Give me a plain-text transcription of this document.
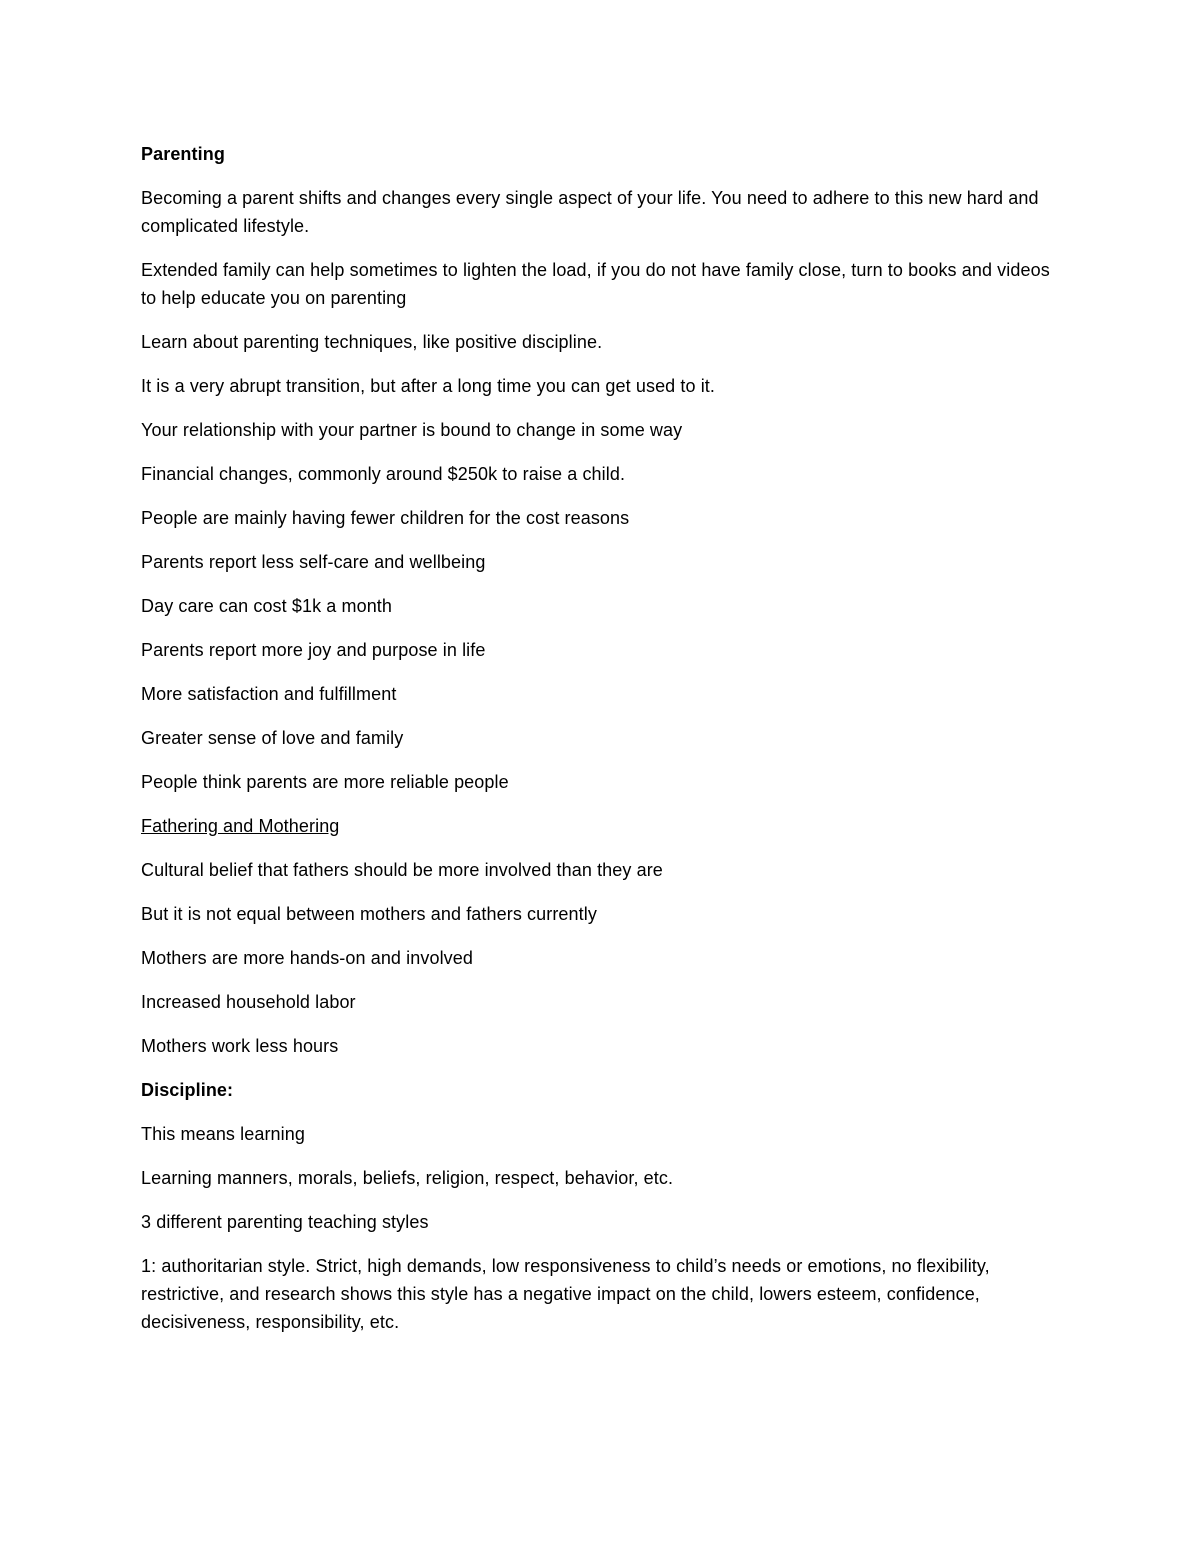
Parenting

Becoming a parent shifts and changes every single aspect of your life. You need to adhere to this new hard and complicated lifestyle.

Extended family can help sometimes to lighten the load, if you do not have family close, turn to books and videos to help educate you on parenting

Learn about parenting techniques, like positive discipline.

It is a very abrupt transition, but after a long time you can get used to it.

Your relationship with your partner is bound to change in some way

Financial changes, commonly around $250k to raise a child.

People are mainly having fewer children for the cost reasons

Parents report less self-care and wellbeing

Day care can cost $1k a month

Parents report more joy and purpose in life

More satisfaction and fulfillment

Greater sense of love and family

People think parents are more reliable people

Fathering and Mothering

Cultural belief that fathers should be more involved than they are

But it is not equal between mothers and fathers currently

Mothers are more hands-on and involved

Increased household labor

Mothers work less hours

Discipline:

This means learning

Learning manners, morals, beliefs, religion, respect, behavior, etc.

3 different parenting teaching styles

1: authoritarian style. Strict, high demands, low responsiveness to child’s needs or emotions, no flexibility, restrictive, and research shows this style has a negative impact on the child, lowers esteem, confidence, decisiveness, responsibility, etc.
